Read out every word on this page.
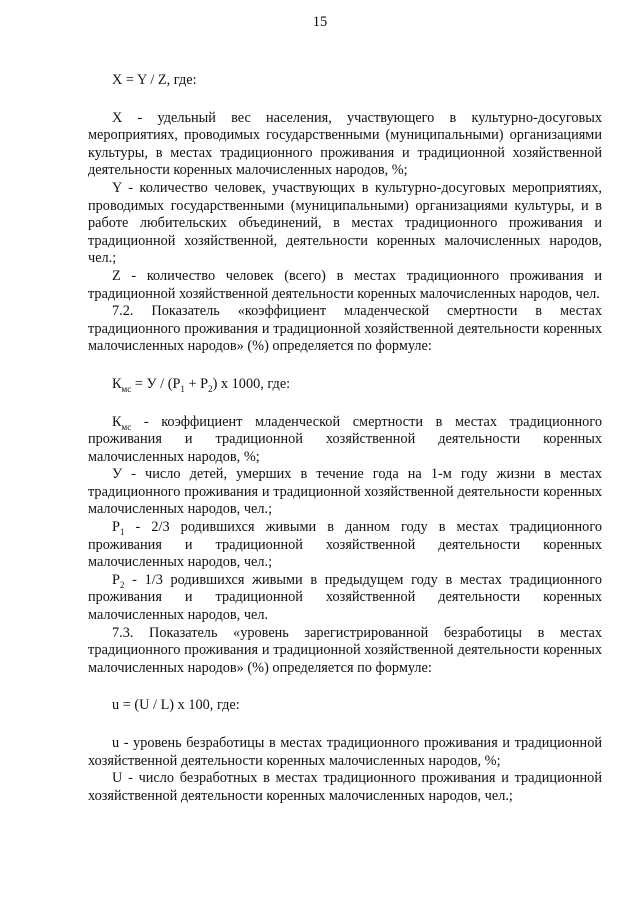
15
X = Y / Z, где:
X - удельный вес населения, участвующего в культурно-досуговых мероприятиях, проводимых государственными (муниципальными) организациями культуры, в местах традиционного проживания и традиционной хозяйственной деятельности коренных малочисленных народов, %;
Y - количество человек, участвующих в культурно-досуговых мероприятиях, проводимых государственными (муниципальными) организациями культуры, и в работе любительских объединений, в местах традиционного проживания и традиционной хозяйственной, деятельности коренных малочисленных народов, чел.;
Z - количество человек (всего) в местах традиционного проживания и традиционной хозяйственной деятельности коренных малочисленных народов, чел.
7.2. Показатель «коэффициент младенческой смертности в местах традиционного проживания и традиционной хозяйственной деятельности коренных малочисленных народов» (%) определяется по формуле:
$К_{мс} = У / (Р_1 + Р_2)$ х 1000, где:
$К_{мс}$ - коэффициент младенческой смертности в местах традиционного проживания и традиционной хозяйственной деятельности коренных малочисленных народов, %;
У - число детей, умерших в течение года на 1-м году жизни в местах традиционного проживания и традиционной хозяйственной деятельности коренных малочисленных народов, чел.;
$Р_1 - 2/3$ родившихся живыми в данном году в местах традиционного проживания и традиционной хозяйственной деятельности коренных малочисленных народов, чел.;
$Р_2 - 1/3$ родившихся живыми в предыдущем году в местах традиционного проживания и традиционной хозяйственной деятельности коренных малочисленных народов, чел.
7.3. Показатель «уровень зарегистрированной безработицы в местах традиционного проживания и традиционной хозяйственной деятельности коренных малочисленных народов» (%) определяется по формуле:
u = (U / L) х 100, где:
u - уровень безработицы в местах традиционного проживания и традиционной хозяйственной деятельности коренных малочисленных народов, %;
U - число безработных в местах традиционного проживания и традиционной хозяйственной деятельности коренных малочисленных народов, чел.;
